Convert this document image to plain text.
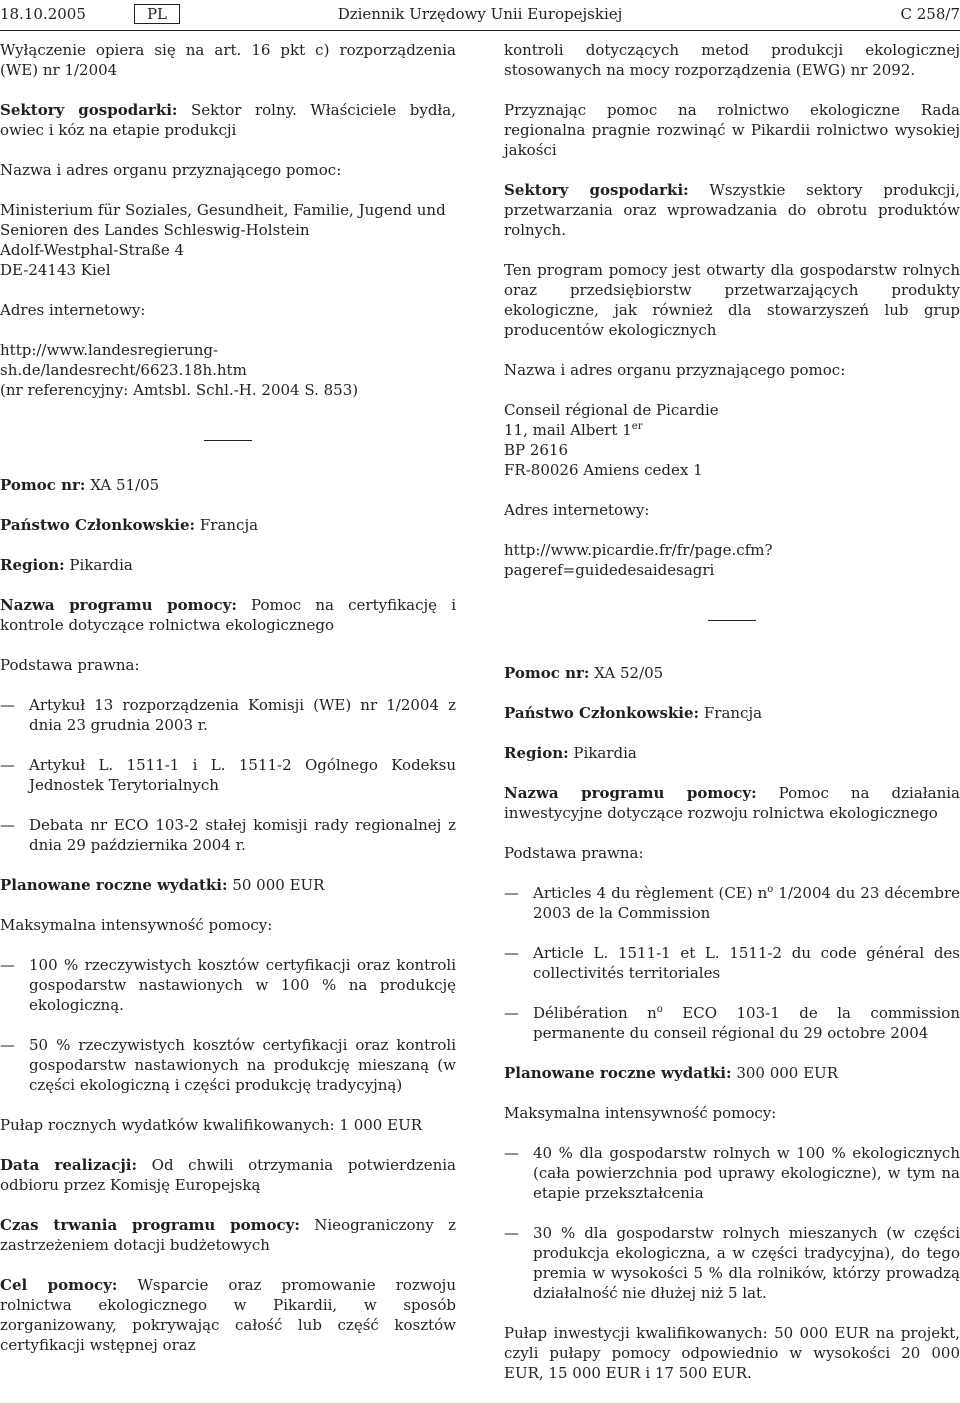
18.10.2005	PL	Dziennik Urzędowy Unii Europejskiej	C 258/7

Wyłączenie opiera się na art. 16 pkt c) rozporządzenia (WE) nr 1/2004

Sektory gospodarki: Sektor rolny. Właściciele bydła, owiec i kóz na etapie produkcji

Nazwa i adres organu przyznającego pomoc:

Ministerium für Soziales, Gesundheit, Familie, Jugend und Senioren des Landes Schleswig-Holstein

Adolf-Westphal-Straße 4

DE-24143 Kiel

Adres internetowy:

http://www.landesregierung-sh.de/landesrecht/6623.18h.htm

(nr referencyjny: Amtsbl. Schl.-H. 2004 S. 853)

Pomoc nr: XA 51/05

Państwo Członkowskie: Francja

Region: Pikardia

Nazwa programu pomocy: Pomoc na certyfikację i kontrole dotyczące rolnictwa ekologicznego

Podstawa prawna:

— Artykuł 13 rozporządzenia Komisji (WE) nr 1/2004 z dnia 23 grudnia 2003 r.
— Artykuł L. 1511-1 i L. 1511-2 Ogólnego Kodeksu Jednostek Terytorialnych
— Debata nr ECO 103-2 stałej komisji rady regionalnej z dnia 29 października 2004 r.

Planowane roczne wydatki: 50 000 EUR

Maksymalna intensywność pomocy:

— 100 % rzeczywistych kosztów certyfikacji oraz kontroli gospodarstw nastawionych w 100 % na produkcję ekologiczną.
— 50 % rzeczywistych kosztów certyfikacji oraz kontroli gospodarstw nastawionych na produkcję mieszaną (w części ekologiczną i części produkcję tradycyjną)

Pułap rocznych wydatków kwalifikowanych: 1 000 EUR

Data realizacji: Od chwili otrzymania potwierdzenia odbioru przez Komisję Europejską

Czas trwania programu pomocy: Nieograniczony z zastrzeżeniem dotacji budżetowych

Cel pomocy: Wsparcie oraz promowanie rozwoju rolnictwa ekologicznego w Pikardii, w sposób zorganizowany, pokrywając całość lub część kosztów certyfikacji wstępnej oraz

kontroli dotyczących metod produkcji ekologicznej stosowanych na mocy rozporządzenia (EWG) nr 2092.

Przyznając pomoc na rolnictwo ekologiczne Rada regionalna pragnie rozwinąć w Pikardii rolnictwo wysokiej jakości

Sektory gospodarki: Wszystkie sektory produkcji, przetwarzania oraz wprowadzania do obrotu produktów rolnych.

Ten program pomocy jest otwarty dla gospodarstw rolnych oraz przedsiębiorstw przetwarzających produkty ekologiczne, jak również dla stowarzyszeń lub grup producentów ekologicznych

Nazwa i adres organu przyznającego pomoc:

Conseil régional de Picardie

11, mail Albert 1er

BP 2616

FR-80026 Amiens cedex 1

Adres internetowy:

http://www.picardie.fr/fr/page.cfm?pageref=guidedesaidesagri

Pomoc nr: XA 52/05

Państwo Członkowskie: Francja

Region: Pikardia

Nazwa programu pomocy: Pomoc na działania inwestycyjne dotyczące rozwoju rolnictwa ekologicznego

Podstawa prawna:

— Articles 4 du règlement (CE) $n^o$ 1/2004 du 23 décembre 2003 de la Commission
— Article L. 1511-1 et L. 1511-2 du code général des collectivités territoriales
— Délibération $n^o$ ECO 103-1 de la commission permanente du conseil régional du 29 octobre 2004

Planowane roczne wydatki: 300 000 EUR

Maksymalna intensywność pomocy:

— 40 % dla gospodarstw rolnych w 100 % ekologicznych (cała powierzchnia pod uprawy ekologiczne), w tym na etapie przekształcenia
— 30 % dla gospodarstw rolnych mieszanych (w części produkcja ekologiczna, a w części tradycyjna), do tego premia w wysokości 5 % dla rolników, którzy prowadzą działalność nie dłużej niż 5 lat.

Pułap inwestycji kwalifikowanych: 50 000 EUR na projekt, czyli pułapy pomocy odpowiednio w wysokości 20 000 EUR, 15 000 EUR i 17 500 EUR.
